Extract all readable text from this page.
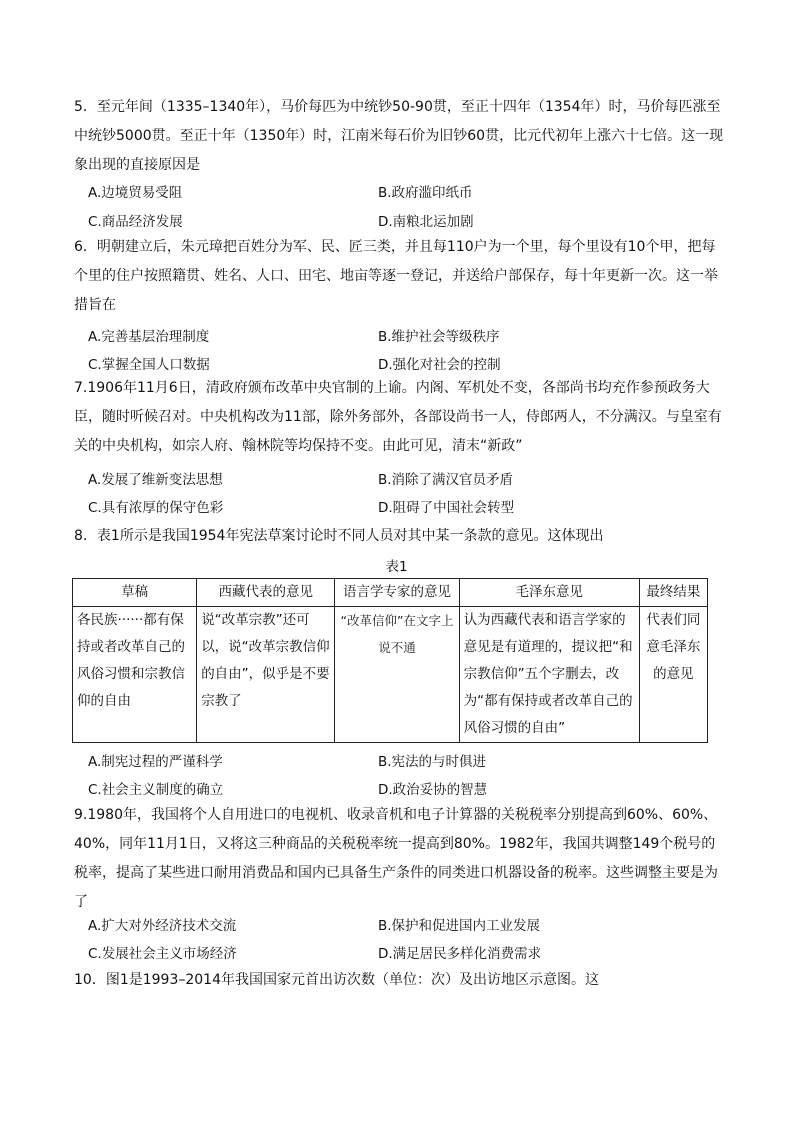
5．至元年间（1335–1340年），马价每匹为中统钞50-90贯，至正十四年（1354年）时，马价每匹涨至中统钞5000贯。至正十年（1350年）时，江南米每石价为旧钞60贯，比元代初年上涨六十七倍。这一现象出现的直接原因是
A.边境贸易受阻	B.政府滥印纸币
C.商品经济发展	D.南粮北运加剧
6．明朝建立后，朱元璋把百姓分为军、民、匠三类，并且每110户为一个里，每个里设有10个甲，把每个里的住户按照籍贯、姓名、人口、田宅、地亩等逐一登记，并送给户部保存，每十年更新一次。这一举措旨在
A.完善基层治理制度	B.维护社会等级秩序
C.掌握全国人口数据	D.强化对社会的控制
7.1906年11月6日，清政府颁布改革中央官制的上谕。内阁、军机处不变，各部尚书均充作参预政务大臣，随时听候召对。中央机构改为11部，除外务部外，各部设尚书一人，侍郎两人，不分满汉。与皇室有关的中央机构，如宗人府、翰林院等均保持不变。由此可见，清末“新政”
A.发展了维新变法思想	B.消除了满汉官员矛盾
C.具有浓厚的保守色彩	D.阻碍了中国社会转型
8．表1所示是我国1954年宪法草案讨论时不同人员对其中某一条款的意见。这体现出
表1
草稿	西藏代表的意见	语言学专家的意见	毛泽东意见	最终结果
各民族······都有保持或者改革自己的风俗习惯和宗教信仰的自由	说“改革宗教”还可以，说“改革宗教信仰的自由”，似乎是不要宗教了	“改革信仰”在文字上说不通	认为西藏代表和语言学家的意见是有道理的，提议把“和宗教信仰”五个字删去，改为“都有保持或者改革自己的风俗习惯的自由”	代表们同意毛泽东的意见
A.制宪过程的严谨科学	B.宪法的与时俱进
C.社会主义制度的确立	D.政治妥协的智慧
9.1980年，我国将个人自用进口的电视机、收录音机和电子计算器的关税税率分别提高到60%、60%、40%，同年11月1日，又将这三种商品的关税税率统一提高到80%。1982年，我国共调整149个税号的税率，提高了某些进口耐用消费品和国内已具备生产条件的同类进口机器设备的税率。这些调整主要是为了
A.扩大对外经济技术交流	B.保护和促进国内工业发展
C.发展社会主义市场经济	D.满足居民多样化消费需求
10．图1是1993–2014年我国国家元首出访次数（单位：次）及出访地区示意图。这
